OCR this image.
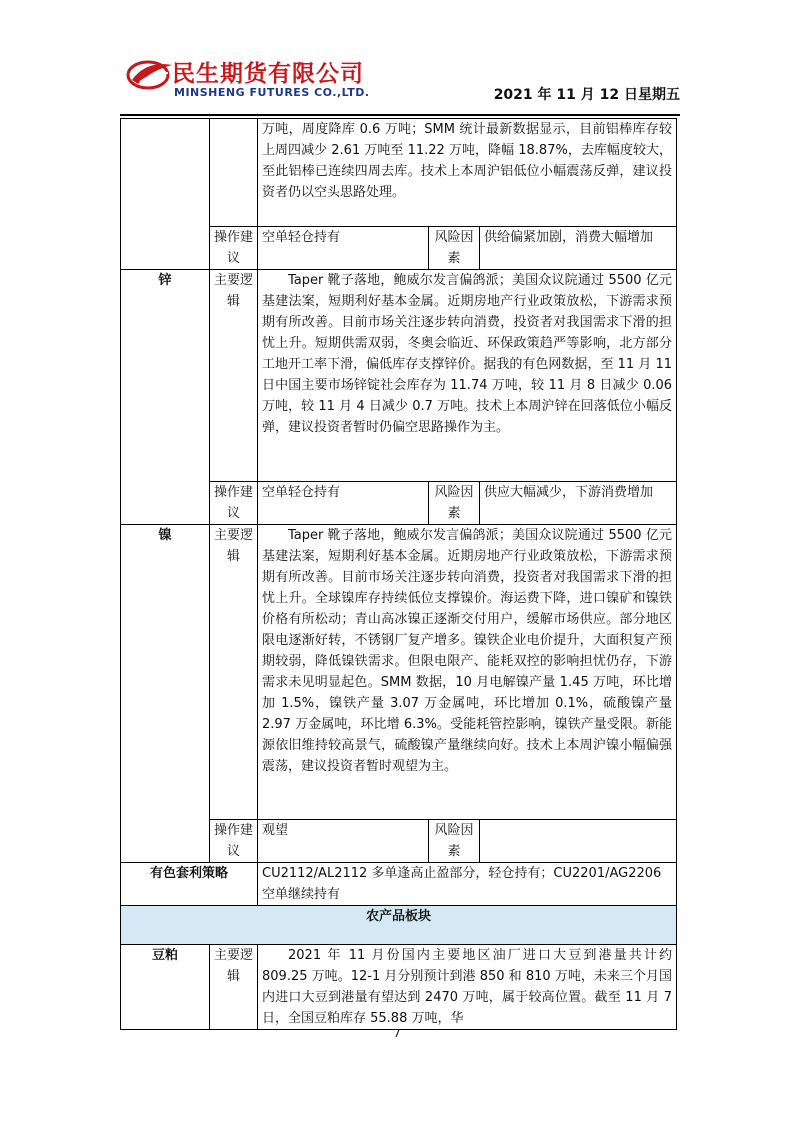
民生期货有限公司
MINSHENG FUTURES CO.,LTD.	2021 年 11 月 12 日星期五
		万吨，周度降库 0.6 万吨；SMM 统计最新数据显示，目前铝棒库存较上周四减少 2.61 万吨至 11.22 万吨，降幅 18.87%，去库幅度较大，至此铝棒已连续四周去库。技术上本周沪铝低位小幅震荡反弹，建议投资者仍以空头思路处理。		
	操作建议	空单轻仓持有	风险因素	供给偏紧加剧，消费大幅增加
锌	主要逻辑	Taper 靴子落地，鲍威尔发言偏鸽派；美国众议院通过 5500 亿元基建法案，短期利好基本金属。近期房地产行业政策放松，下游需求预期有所改善。目前市场关注逐步转向消费，投资者对我国需求下滑的担忧上升。短期供需双弱，冬奥会临近、环保政策趋严等影响，北方部分工地开工率下滑，偏低库存支撑锌价。据我的有色网数据，至 11 月 11 日中国主要市场锌锭社会库存为 11.74 万吨，较 11 月 8 日减少 0.06 万吨，较 11 月 4 日减少 0.7 万吨。技术上本周沪锌在回落低位小幅反弹，建议投资者暂时仍偏空思路操作为主。		
	操作建议	空单轻仓持有	风险因素	供应大幅减少，下游消费增加
镍	主要逻辑	Taper 靴子落地，鲍威尔发言偏鸽派；美国众议院通过 5500 亿元基建法案，短期利好基本金属。近期房地产行业政策放松，下游需求预期有所改善。目前市场关注逐步转向消费，投资者对我国需求下滑的担忧上升。全球镍库存持续低位支撑镍价。海运费下降，进口镍矿和镍铁价格有所松动；青山高冰镍正逐渐交付用户，缓解市场供应。部分地区限电逐渐好转，不锈钢厂复产增多。镍铁企业电价提升，大面积复产预期较弱，降低镍铁需求。但限电限产、能耗双控的影响担忧仍存，下游需求未见明显起色。SMM 数据，10 月电解镍产量 1.45 万吨，环比增加 1.5%，镍铁产量 3.07 万金属吨，环比增加 0.1%，硫酸镍产量 2.97 万金属吨，环比增 6.3%。受能耗管控影响，镍铁产量受限。新能源依旧维持较高景气，硫酸镍产量继续向好。技术上本周沪镍小幅偏强震荡，建议投资者暂时观望为主。		
	操作建议	观望	风险因素	
有色套利策略		CU2112/AL2112 多单逢高止盈部分，轻仓持有；CU2201/AG2206 空单继续持有		
农产品板块				
豆粕	主要逻辑	2021 年 11 月份国内主要地区油厂进口大豆到港量共计约 809.25 万吨。12-1 月分别预计到港 850 和 810 万吨，未来三个月国内进口大豆到港量有望达到 2470 万吨，属于较高位置。截至 11 月 7 日，全国豆粕库存 55.88 万吨，华		
7
